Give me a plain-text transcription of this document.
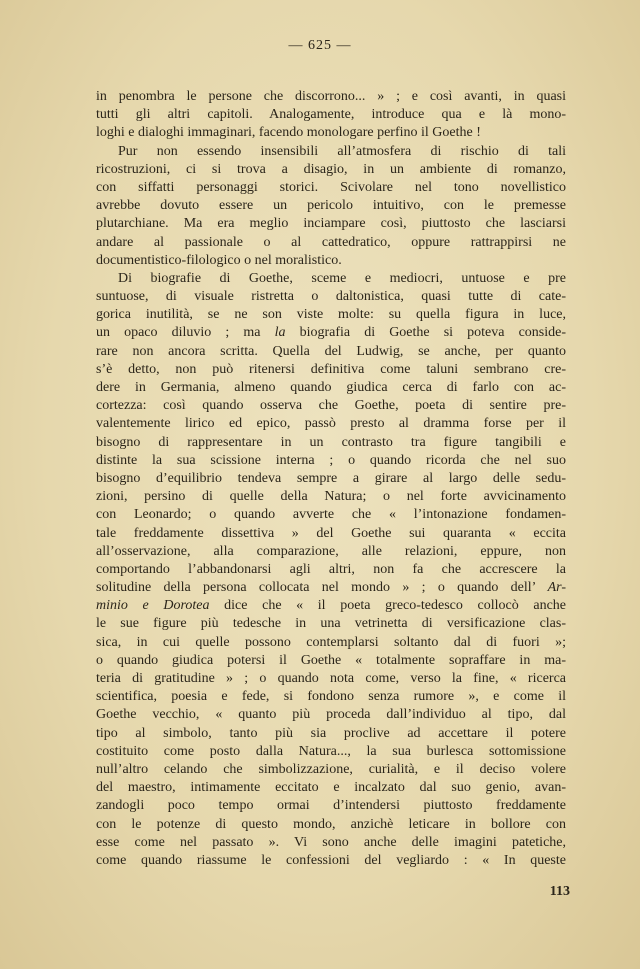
— 625 —
in penombra le persone che discorrono... » ; e così avanti, in quasi
tutti gli altri capitoli. Analogamente, introduce qua e là mono-
loghi e dialoghi immaginari, facendo monologare perfino il Goethe !
Pur non essendo insensibili all’atmosfera di rischio di tali
ricostruzioni, ci si trova a disagio, in un ambiente di romanzo,
con siffatti personaggi storici. Scivolare nel tono novellistico
avrebbe dovuto essere un pericolo intuitivo, con le premesse
plutarchiane. Ma era meglio inciampare così, piuttosto che lasciarsi
andare al passionale o al cattedratico, oppure rattrappirsi ne
documentistico-filologico o nel moralistico.
Di biografie di Goethe, sceme e mediocri, untuose e pre
suntuose, di visuale ristretta o daltonistica, quasi tutte di cate-
gorica inutilità, se ne son viste molte: su quella figura in luce,
un opaco diluvio ; ma la biografia di Goethe si poteva conside-
rare non ancora scritta. Quella del Ludwig, se anche, per quanto
s’è detto, non può ritenersi definitiva come taluni sembrano cre-
dere in Germania, almeno quando giudica cerca di farlo con ac-
cortezza: così quando osserva che Goethe, poeta di sentire pre-
valentemente lirico ed epico, passò presto al dramma forse per il
bisogno di rappresentare in un contrasto tra figure tangibili e
distinte la sua scissione interna ; o quando ricorda che nel suo
bisogno d’equilibrio tendeva sempre a girare al largo delle sedu-
zioni, persino di quelle della Natura; o nel forte avvicinamento
con Leonardo; o quando avverte che « l’intonazione fondamen-
tale freddamente dissettiva » del Goethe sui quaranta « eccita
all’osservazione, alla comparazione, alle relazioni, eppure, non
comportando l’abbandonarsi agli altri, non fa che accrescere la
solitudine della persona collocata nel mondo » ; o quando dell’ Ar-
minio e Dorotea dice che « il poeta greco-tedesco collocò anche
le sue figure più tedesche in una vetrinetta di versificazione clas-
sica, in cui quelle possono contemplarsi soltanto dal di fuori »;
o quando giudica potersi il Goethe « totalmente sopraffare in ma-
teria di gratitudine » ; o quando nota come, verso la fine, « ricerca
scientifica, poesia e fede, si fondono senza rumore », e come il
Goethe vecchio, « quanto più proceda dall’individuo al tipo, dal
tipo al simbolo, tanto più sia proclive ad accettare il potere
costituito come posto dalla Natura..., la sua burlesca sottomissione
null’altro celando che simbolizzazione, curialità, e il deciso volere
del maestro, intimamente eccitato e incalzato dal suo genio, avan-
zandogli poco tempo ormai d’intendersi piuttosto freddamente
con le potenze di questo mondo, anzichè leticare in bollore con
esse come nel passato ». Vi sono anche delle imagini patetiche,
come quando riassume le confessioni del vegliardo : « In queste
113
